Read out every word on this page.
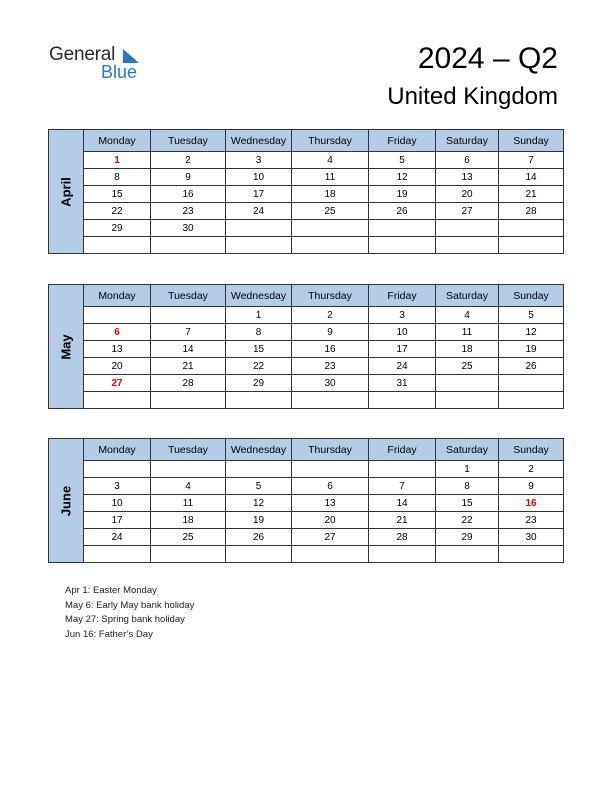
General
Blue	2024 – Q2
United Kingdom
April	Monday	Tuesday	Wednesday	Thursday	Friday	Saturday	Sunday
	1	2	3	4	5	6	7
	8	9	10	11	12	13	14
	15	16	17	18	19	20	21
	22	23	24	25	26	27	28
	29	30					

May	Monday	Tuesday	Wednesday	Thursday	Friday	Saturday	Sunday
			1	2	3	4	5
	6	7	8	9	10	11	12
	13	14	15	16	17	18	19
	20	21	22	23	24	25	26
	27	28	29	30	31		

June	Monday	Tuesday	Wednesday	Thursday	Friday	Saturday	Sunday
						1	2
	3	4	5	6	7	8	9
	10	11	12	13	14	15	16
	17	18	19	20	21	22	23
	24	25	26	27	28	29	30

Apr 1: Easter Monday
May 6: Early May bank holiday
May 27: Spring bank holiday
Jun 16: Father’s Day
